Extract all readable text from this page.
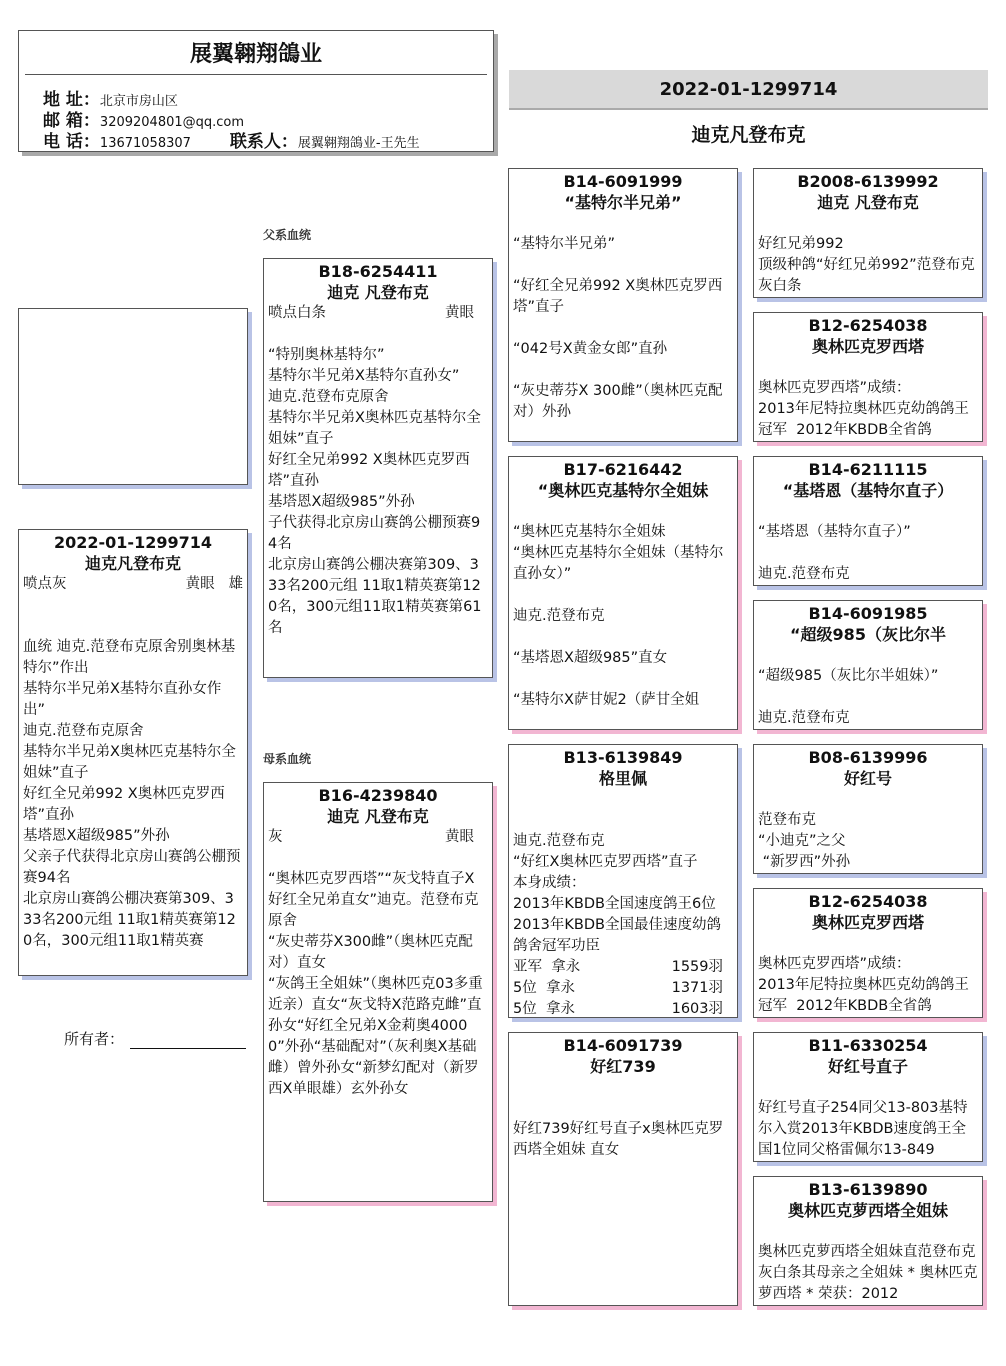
展翼翱翔鴿业
地 址： 北京市房山区
邮 箱： 3209204801@qq.com
电 话： 13671058307	联系人： 展翼翱翔鴿业-王先生
2022-01-1299714
迪克凡登布克
2022-01-1299714
迪克凡登布克
喷点灰	黄眼   雄

血统 迪克.范登布克原舍别奥林基特尔”作出
基特尔半兄弟X基特尔直孙女作出”
迪克.范登布克原舍
基特尔半兄弟X奥林匹克基特尔全姐妹”直子
好红全兄弟992 X奥林匹克罗西塔”直孙
基塔恩X超级985”外孙
父亲子代获得北京房山赛鸽公棚预赛94名
北京房山赛鸽公棚决赛第309、333名200元组 11取1精英赛第120名，300元组11取1精英赛
所有者：
父系血统
母系血统
B18-6254411
迪克 凡登布克
喷点白条	黄眼

“特别奥林基特尔”
基特尔半兄弟X基特尔直孙女”
迪克.范登布克原舍
基特尔半兄弟X奥林匹克基特尔全姐妹”直子
好红全兄弟992 X奥林匹克罗西塔”直孙
基塔恩X超级985”外孙
子代获得北京房山赛鸽公棚预赛94名
北京房山赛鸽公棚决赛第309、333名200元组 11取1精英赛第120名，300元组11取1精英赛第61名
B16-4239840
迪克 凡登布克
灰	黄眼

“奥林匹克罗西塔”“灰戈特直子X好红全兄弟直女”迪克。范登布克原舍
“灰史蒂芬X300雌”（奥林匹克配对）直女
“灰鸽王全姐妹”（奥林匹克03多重近亲）直女“灰戈特X范路克雌”直孙女“好红全兄弟X金莉奥40000”外孙“基础配对”（灰利奥X基础雌）曾外孙女“新梦幻配对（新罗西X单眼雄）玄外孙女
B14-6091999
“基特尔半兄弟”

“基特尔半兄弟”

“好红全兄弟992 X奥林匹克罗西塔”直子

“042号X黄金女郎”直孙

“灰史蒂芬X 300雌”（奥林匹克配对）外孙
B17-6216442
“奥林匹克基特尔全姐妹

“奥林匹克基特尔全姐妹
“奥林匹克基特尔全姐妹（基特尔直孙女）”

迪克.范登布克

“基塔恩X超级985”直女

“基特尔X萨甘妮2（萨甘全姐
B13-6139849
格里佩

迪克.范登布克
“好红X奥林匹克罗西塔”直子
本身成绩：
2013年KBDB全国速度鸽王6位
2013年KBDB全国最佳速度幼鸽鸽舍冠军功臣
亚军  拿永	1559羽
5位  拿永	1371羽
5位  拿永	1603羽
B14-6091739
好红739

好红739好红号直子x奥林匹克罗西塔全姐妹 直女
B2008-6139992
迪克 凡登布克

好红兄弟992
顶级种鸽“好红兄弟992”范登布克 灰白条
B12-6254038
奥林匹克罗西塔

奥林匹克罗西塔”成绩：
2013年尼特拉奥林匹克幼鸽鸽王冠军  2012年KBDB全省鸽
B14-6211115
“基塔恩（基特尔直子）

“基塔恩（基特尔直子）”

迪克.范登布克
B14-6091985
“超级985（灰比尔半

“超级985（灰比尔半姐妹）”

迪克.范登布克
B08-6139996
好红号

范登布克
“小迪克”之父
“新罗西”外孙
B12-6254038
奥林匹克罗西塔

奥林匹克罗西塔”成绩：
2013年尼特拉奥林匹克幼鸽鸽王冠军  2012年KBDB全省鸽
B11-6330254
好红号直子

好红号直子254同父13-803基特尔入赏2013年KBDB速度鸽王全国1位同父格雷佩尔13-849
B13-6139890
奥林匹克萝西塔全姐妹

奥林匹克萝西塔全姐妹直范登布克灰白条其母亲之全姐妹 * 奥林匹克萝西塔 * 荣获：2012
